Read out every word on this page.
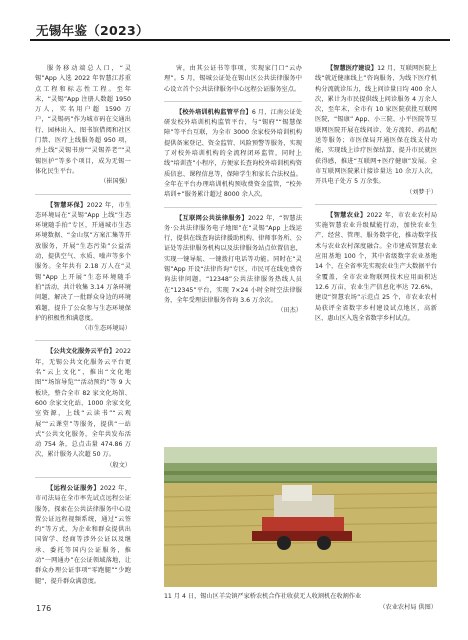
无锡年鉴（2023）

服务移动端总人口，“灵锡”App 入选 2022 年智慧江苏重点工程和标志性工程。至年末，“灵锡”App 注册人数超 1950 万人，实名用户超 1590 万户，“灵锡码”作为城市码在交通出行、园林出入、图书馆借阅和社区门禁、医疗上线服务超 950 项，并上线“灵锡书房”“灵锡养老”“灵锡医护”等多个项目，成为无锡一体化民生平台。

（崔国强）

【智慧环保】2022 年，市生态环境局在“灵锡”App 上线“生态环境随手拍”专区，开通城市生态环境数据、“金山氛”方案汇集等开放服务，开展“生态污染”公益活动，提供空气、水质、噪声等多个服务。全年共有 2.18 万人在“灵锡”App 上开展“生态环境随手拍”活动，共计收集 3.14 万条环境问题，解决了一批群众身边的环境难题，提升了公众参与生态环境保护的积极性和满意度。

（市生态环境局）

【公共文化服务云平台】2022 年，无锡公共文化服务云平台更名“云上文化”，推出“文化地图”“场馆导览”“活动预约”等 9 大板块，整合全市 82 家文化场馆、600 余家文化站、1000 余家文化室资源，上线“云读书”“云观展”“云课堂”等服务，提供“一站式”公共文化服务，全年共发布活动 754 条，总点击量 474.86 万次，累计服务人次超 50 万。

（殷文）

【远程公证服务】2022 年，市司法局在全市率先试点远程公证服务，探索在公共法律服务中心设置公证远程视频系统，通过“云签约”等方式，为企业和群众提供出国留学、经商等涉外公证以及继承、委托等国内公证服务，推动“一网通办”在公证领域落地，让群众办理公证事项“零跑腿”“少跑腿”，提升群众满意度。

害，由其公证书等事项，实现家门口“云办理”。5 月，锡城公证处在锡山区公共法律服务中心设立首个公共法律服务中心远程公证服务室点。

【校外培训机构监管平台】6 月，江南公证处研发校外培训机构监管平台，与“锡府”“锡慧保障”等平台互联，为全市 3000 余家校外培训机构提供备案登记、资金监管、风险预警等服务，实现了对校外培训机构的全流程闭环监管，同时上线“培训查”小程序，方便家长查询校外培训机构资质信息、课程信息等，保障学生和家长合法权益。全年在平台办理培训机构预收费资金监管，“校外培训+”服务累计超过 8000 余人次。

【互联网公共法律服务】2022 年，“智慧法务·公共法律服务电子地图”在“灵锡”App 上线运行，提供在线查询法律援助机构、律师事务所、公证处等法律服务机构以及法律服务站点位置信息，实现一键导航、一键拨打电话等功能。同时在“灵锡”App 开设“法律咨询”专区，市民可在线免费咨询法律问题。“12348”公共法律服务热线人员在“12345”平台，实现 7×24 小时全时空法律服务，全年受理法律服务咨询 3.6 万余次。

（田杰）

【智慧医疗建设】12 月，互联网医院上线“就近健康线上”咨询服务，为线下医疗机构分流就诊压力，线上问诊量日均 400 余人次，累计为市民提供线上问诊服务 4 万余人次，至年末，全市有 10 家医院获批互联网医院，“锡康” App、小三院、小平医院等互联网医院开展在线问诊、处方流转、药品配送等服务；市医保局开通医保在线支付功能，实现线上诊疗医保结算，提升市民就医获得感，推进“互联网+医疗健康”发展。全市互联网医院累计接诊量达 10 余万人次，开具电子处方 5 万余张。

（刘梦于）

【智慧农业】2022 年，市农业农村局实施智慧农业升级赋能行动，加快农业生产、经营、管理、服务数字化，推动数字技术与农业农村深度融合。全市建成智慧农业应用基地 100 个，其中省级数字农业基地 14 个，在全省率先实现农业生产大数据平台全覆盖，全市农业物联网技术应用面积达 12.6 万亩，农业生产信息化率达 72.6%，建设“智慧农场”示范点 25 个，市农业农村局获评全省数字乡村建设试点地区，高新区、惠山区入选全省数字乡村试点。

11 月 4 日，锡山区羊尖镇严家桥农机合作社收获无人收割机在收割作业
（农业农村局 供图）
176
